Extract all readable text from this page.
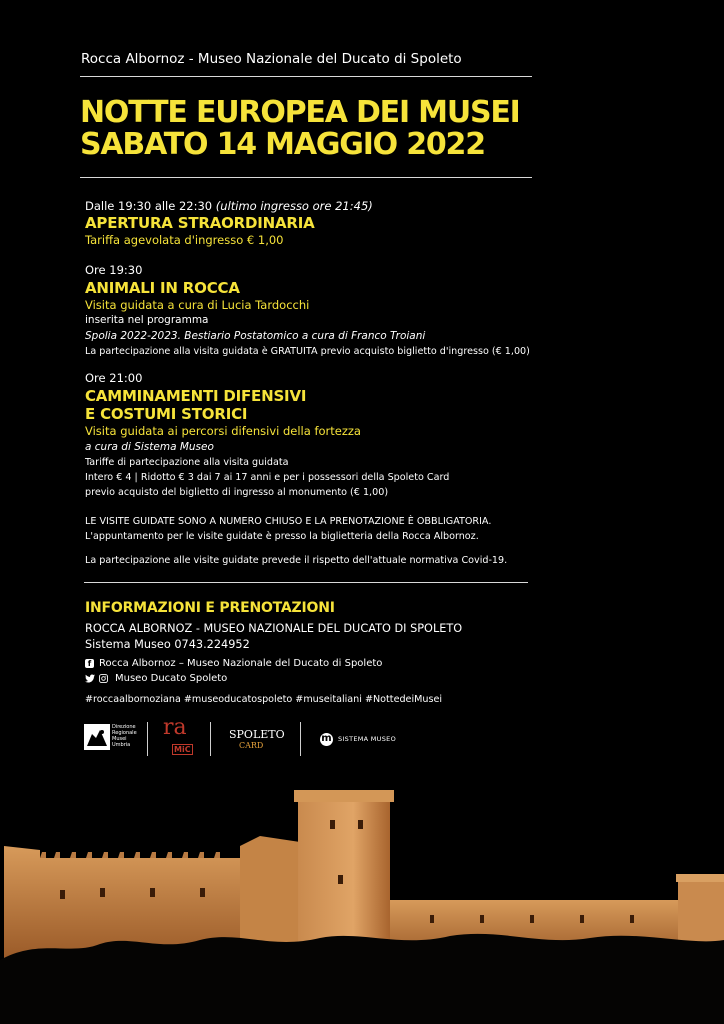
Rocca Albornoz - Museo Nazionale del Ducato di Spoleto
NOTTE EUROPEA DEI MUSEI
SABATO 14 MAGGIO 2022
Dalle 19:30 alle 22:30 (ultimo ingresso ore 21:45)
APERTURA STRAORDINARIA
Tariffa agevolata d'ingresso € 1,00
Ore 19:30
ANIMALI IN ROCCA
Visita guidata a cura di Lucia Tardocchi
inserita nel programma
Spolia 2022-2023. Bestiario Postatomico a cura di Franco Troiani
La partecipazione alla visita guidata è GRATUITA previo acquisto biglietto d'ingresso (€ 1,00)
Ore 21:00
CAMMINAMENTI DIFENSIVI
E COSTUMI STORICI
Visita guidata ai percorsi difensivi della fortezza
a cura di Sistema Museo
Tariffe di partecipazione alla visita guidata
Intero € 4 | Ridotto € 3 dai 7 ai 17 anni e per i possessori della Spoleto Card
previo acquisto del biglietto di ingresso al monumento (€ 1,00)
LE VISITE GUIDATE SONO A NUMERO CHIUSO E LA PRENOTAZIONE È OBBLIGATORIA.
L'appuntamento per le visite guidate è presso la biglietteria della Rocca Albornoz.
La partecipazione alle visite guidate prevede il rispetto dell'attuale normativa Covid-19.
INFORMAZIONI E PRENOTAZIONI
ROCCA ALBORNOZ - MUSEO NAZIONALE DEL DUCATO DI SPOLETO
Sistema Museo 0743.224952
f Rocca Albornoz – Museo Nazionale del Ducato di Spoleto
Museo Ducato Spoleto
#roccaalbornoziana #museoducatospoleto #museitaliani #NottedeiMusei
Direzione
Regionale
Musei
Umbria
ra
MiC
SPOLETO
CARD
m SISTEMA MUSEO
